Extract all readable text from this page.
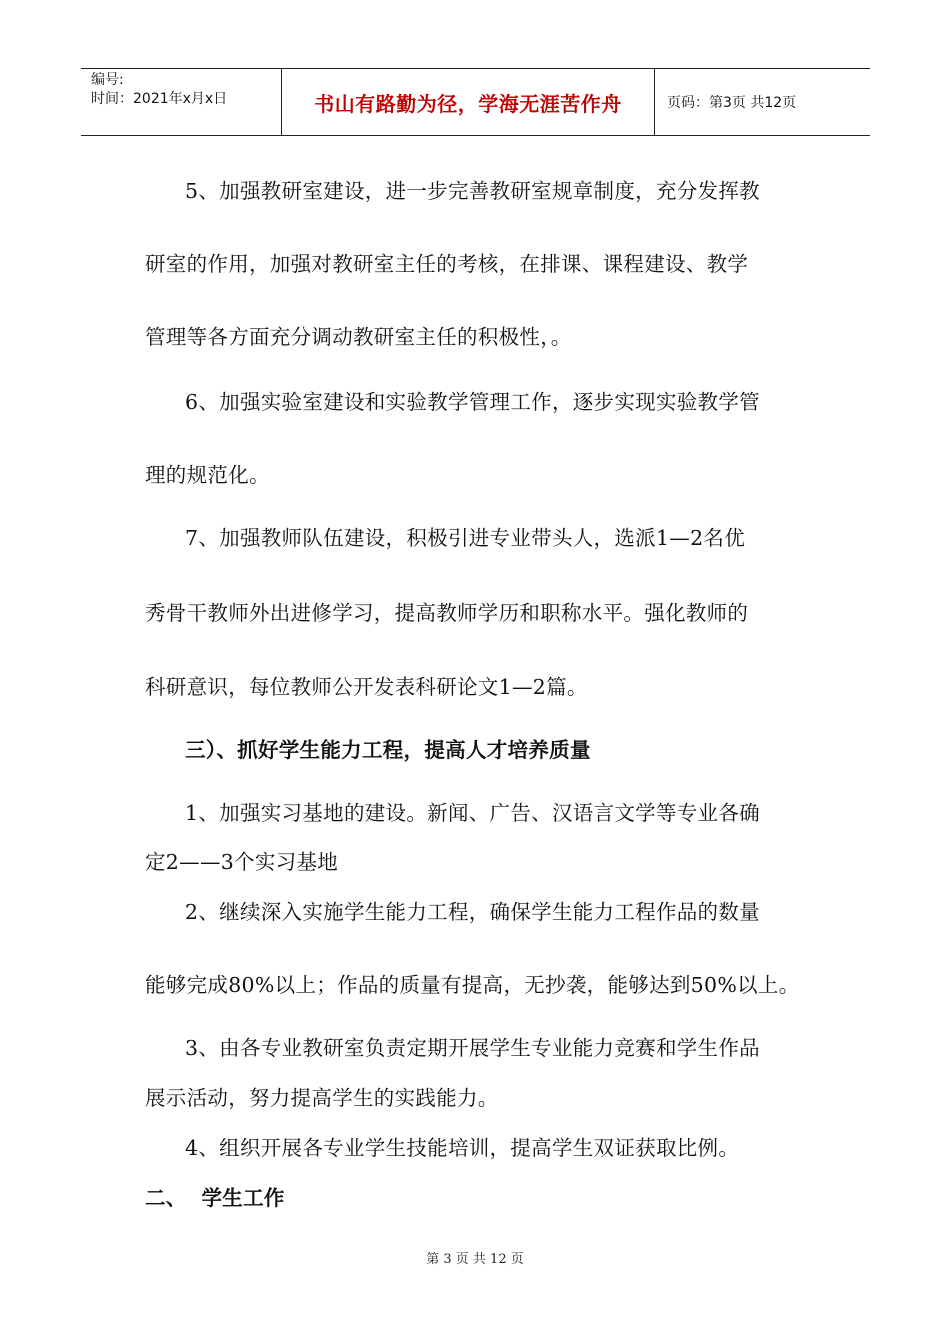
编号:
时间：2021年x月x日	书山有路勤为径，学海无涯苦作舟	页码：第3页 共12页
5、加强教研室建设，进一步完善教研室规章制度，充分发挥教
研室的作用，加强对教研室主任的考核，在排课、课程建设、教学
管理等各方面充分调动教研室主任的积极性，。
6、加强实验室建设和实验教学管理工作，逐步实现实验教学管
理的规范化。
7、加强教师队伍建设，积极引进专业带头人，选派1—2名优
秀骨干教师外出进修学习，提高教师学历和职称水平。强化教师的
科研意识，每位教师公开发表科研论文1—2篇。
三）、抓好学生能力工程，提高人才培养质量
1、加强实习基地的建设。新闻、广告、汉语言文学等专业各确
定2——3个实习基地
2、继续深入实施学生能力工程，确保学生能力工程作品的数量
能够完成80%以上；作品的质量有提高，无抄袭，能够达到50%以上。
3、由各专业教研室负责定期开展学生专业能力竞赛和学生作品
展示活动，努力提高学生的实践能力。
4、组织开展各专业学生技能培训，提高学生双证获取比例。
二、  学生工作
第 3 页 共 12 页
